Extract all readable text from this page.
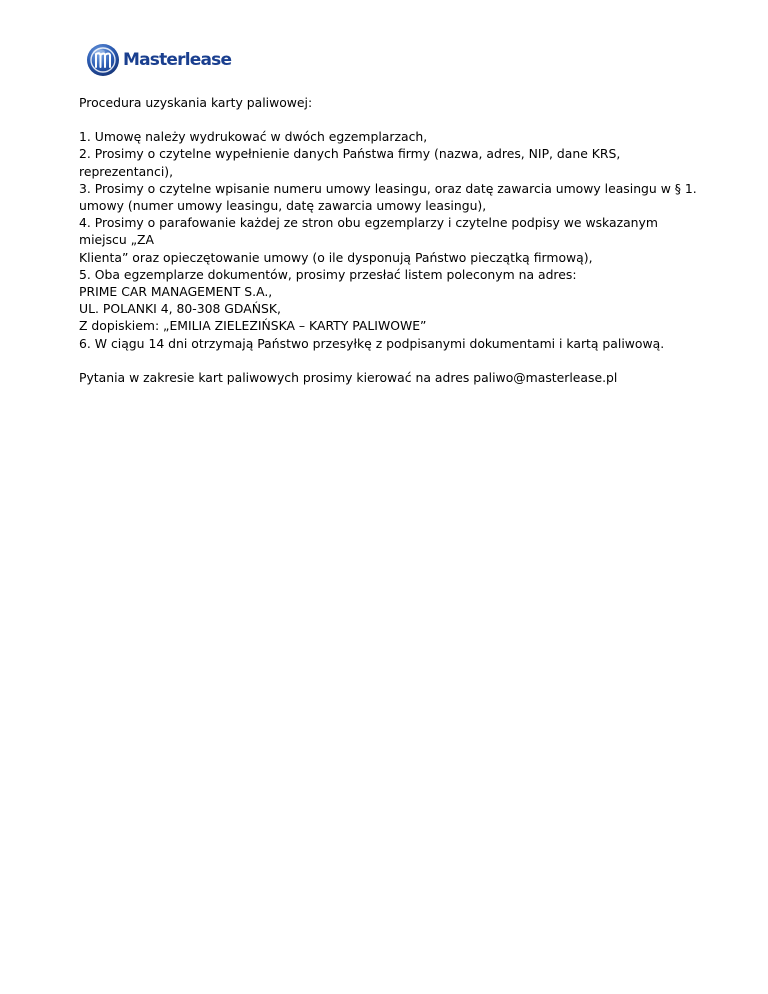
Masterlease

Procedura uzyskania karty paliwowej:

1. Umowę należy wydrukować w dwóch egzemplarzach,
2. Prosimy o czytelne wypełnienie danych Państwa firmy (nazwa, adres, NIP, dane KRS, reprezentanci),
3. Prosimy o czytelne wpisanie numeru umowy leasingu, oraz datę zawarcia umowy leasingu w § 1.
umowy (numer umowy leasingu, datę zawarcia umowy leasingu),
4. Prosimy o parafowanie każdej ze stron obu egzemplarzy i czytelne podpisy we wskazanym miejscu „ZA
Klienta” oraz opieczętowanie umowy (o ile dysponują Państwo pieczątką firmową),
5. Oba egzemplarze dokumentów, prosimy przesłać listem poleconym na adres:
PRIME CAR MANAGEMENT S.A.,
UL. POLANKI 4, 80-308 GDAŃSK,
Z dopiskiem: „EMILIA ZIELEZIŃSKA – KARTY PALIWOWE”
6. W ciągu 14 dni otrzymają Państwo przesyłkę z podpisanymi dokumentami i kartą paliwową.

Pytania w zakresie kart paliwowych prosimy kierować na adres paliwo@masterlease.pl
